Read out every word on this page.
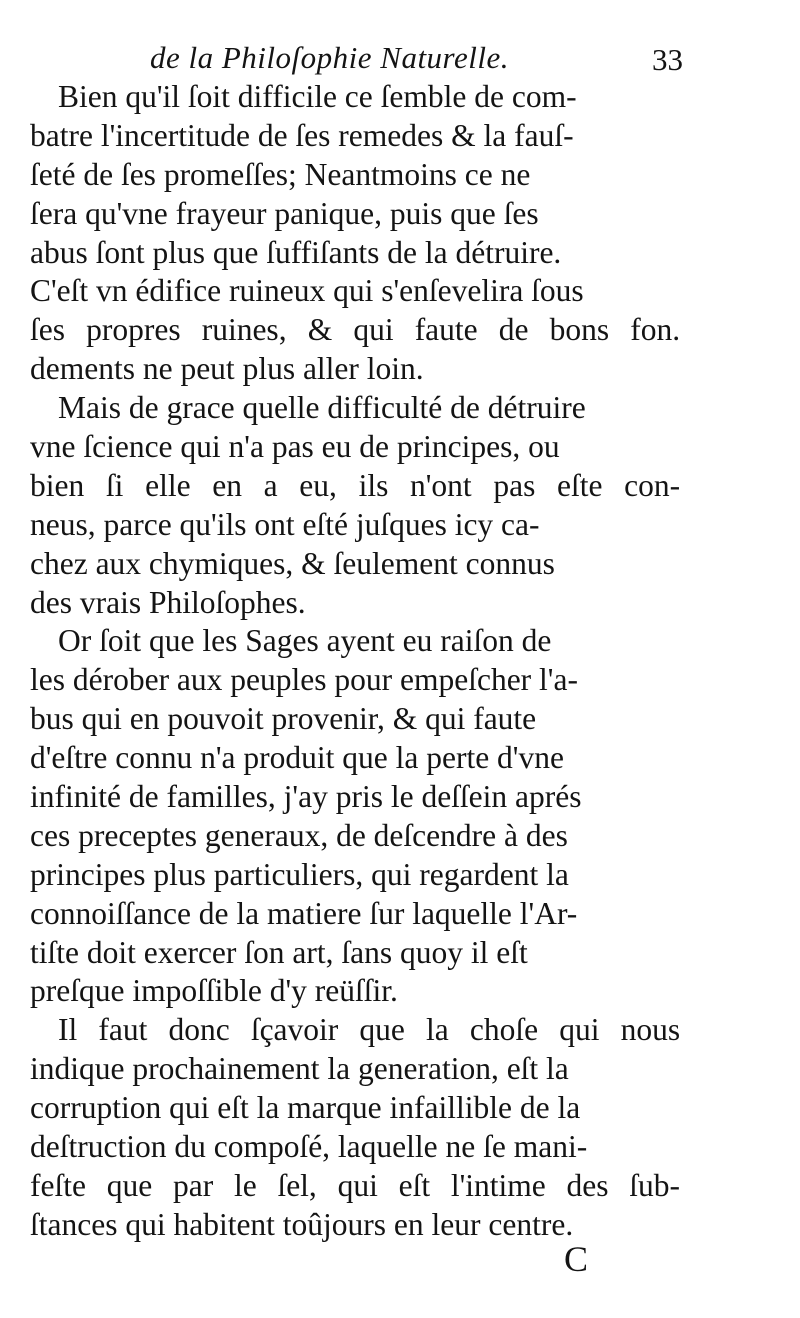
de la Philoſophie Naturelle.	33
Bien qu'il ſoit difficile ce ſemble de com-
batre l'incertitude de ſes remedes & la fauſ-
ſeté de ſes promeſſes; Neantmoins ce ne
ſera qu'vne frayeur panique, puis que ſes
abus ſont plus que ſuffiſants de la détruire.
C'eſt vn édifice ruineux qui s'enſevelira ſous
ſes propres ruines, & qui faute de bons fon.
dements ne peut plus aller loin.
Mais de grace quelle difficulté de détruire
vne ſcience qui n'a pas eu de principes, ou
bien ſi elle en a eu, ils n'ont pas eſte con-
neus, parce qu'ils ont eſté juſques icy ca-
chez aux chymiques, & ſeulement connus
des vrais Philoſophes.
Or ſoit que les Sages ayent eu raiſon de
les dérober aux peuples pour empeſcher l'a-
bus qui en pouvoit provenir, & qui faute
d'eſtre connu n'a produit que la perte d'vne
infinité de familles, j'ay pris le deſſein aprés
ces preceptes generaux, de deſcendre à des
principes plus particuliers, qui regardent la
connoiſſance de la matiere ſur laquelle l'Ar-
tiſte doit exercer ſon art, ſans quoy il eſt
preſque impoſſible d'y reüſſir.
Il faut donc ſçavoir que la choſe qui nous
indique prochainement la generation, eſt la
corruption qui eſt la marque infaillible de la
deſtruction du compoſé, laquelle ne ſe mani-
feſte que par le ſel, qui eſt l'intime des ſub-
ſtances qui habitent toûjours en leur centre.
C
